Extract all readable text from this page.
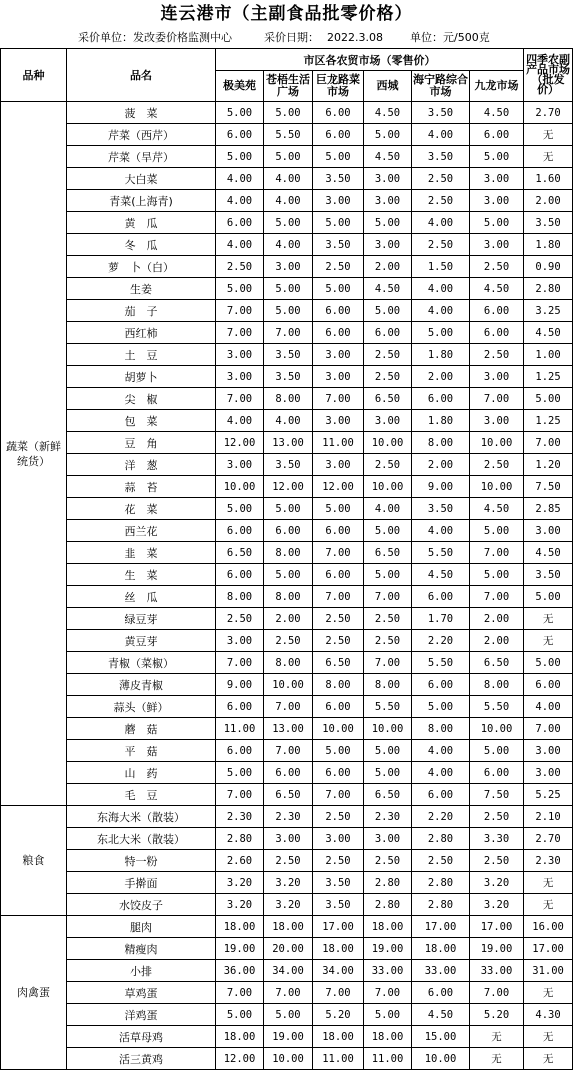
连云港市（主副食品批零价格）
采价单位：发改委价格监测中心	采价日期： 2022.3.08 单位：元/500克
品种	品名	市区各农贸市场（零售价）						四季农副产品市场（批发价）
		极美苑	苍梧生活广场	巨龙路菜市场	西城	海宁路综合市场	九龙市场	
蔬菜（新鲜统货）	菠　菜	5.00	5.00	6.00	4.50	3.50	4.50	2.70
	芹菜（西芹）	6.00	5.50	6.00	5.00	4.00	6.00	无
	芹菜（旱芹）	5.00	5.00	5.00	4.50	3.50	5.00	无
	大白菜	4.00	4.00	3.50	3.00	2.50	3.00	1.60
	青菜(上海青)	4.00	4.00	3.00	3.00	2.50	3.00	2.00
	黄　瓜	6.00	5.00	5.00	5.00	4.00	5.00	3.50
	冬　瓜	4.00	4.00	3.50	3.00	2.50	3.00	1.80
	萝　卜（白）	2.50	3.00	2.50	2.00	1.50	2.50	0.90
	生姜	5.00	5.00	5.00	4.50	4.00	4.50	2.80
	茄　子	7.00	5.00	6.00	5.00	4.00	6.00	3.25
	西红柿	7.00	7.00	6.00	6.00	5.00	6.00	4.50
	土　豆	3.00	3.50	3.00	2.50	1.80	2.50	1.00
	胡萝卜	3.00	3.50	3.00	2.50	2.00	3.00	1.25
	尖　椒	7.00	8.00	7.00	6.50	6.00	7.00	5.00
	包　菜	4.00	4.00	3.00	3.00	1.80	3.00	1.25
	豆　角	12.00	13.00	11.00	10.00	8.00	10.00	7.00
	洋　葱	3.00	3.50	3.00	2.50	2.00	2.50	1.20
	蒜　苔	10.00	12.00	12.00	10.00	9.00	10.00	7.50
	花　菜	5.00	5.00	5.00	4.00	3.50	4.50	2.85
	西兰花	6.00	6.00	6.00	5.00	4.00	5.00	3.00
	韭　菜	6.50	8.00	7.00	6.50	5.50	7.00	4.50
	生　菜	6.00	5.00	6.00	5.00	4.50	5.00	3.50
	丝　瓜	8.00	8.00	7.00	7.00	6.00	7.00	5.00
	绿豆芽	2.50	2.00	2.50	2.50	1.70	2.00	无
	黄豆芽	3.00	2.50	2.50	2.50	2.20	2.00	无
	青椒（菜椒）	7.00	8.00	6.50	7.00	5.50	6.50	5.00
	薄皮青椒	9.00	10.00	8.00	8.00	6.00	8.00	6.00
	蒜头（鲜）	6.00	7.00	6.00	5.50	5.00	5.50	4.00
	蘑　菇	11.00	13.00	10.00	10.00	8.00	10.00	7.00
	平　菇	6.00	7.00	5.00	5.00	4.00	5.00	3.00
	山　药	5.00	6.00	6.00	5.00	4.00	6.00	3.00
	毛　豆	7.00	6.50	7.00	6.50	6.00	7.50	5.25
粮食	东海大米（散装）	2.30	2.30	2.50	2.30	2.20	2.50	2.10
	东北大米（散装）	2.80	3.00	3.00	3.00	2.80	3.30	2.70
	特一粉	2.60	2.50	2.50	2.50	2.50	2.50	2.30
	手擀面	3.20	3.20	3.50	2.80	2.80	3.20	无
	水饺皮子	3.20	3.20	3.50	2.80	2.80	3.20	无
肉禽蛋	腿肉	18.00	18.00	17.00	18.00	17.00	17.00	16.00
	精瘦肉	19.00	20.00	18.00	19.00	18.00	19.00	17.00
	小排	36.00	34.00	34.00	33.00	33.00	33.00	31.00
	草鸡蛋	7.00	7.00	7.00	7.00	6.00	7.00	无
	洋鸡蛋	5.00	5.00	5.20	5.00	4.50	5.20	4.30
	活草母鸡	18.00	19.00	18.00	18.00	15.00	无	无
	活三黄鸡	12.00	10.00	11.00	11.00	10.00	无	无
